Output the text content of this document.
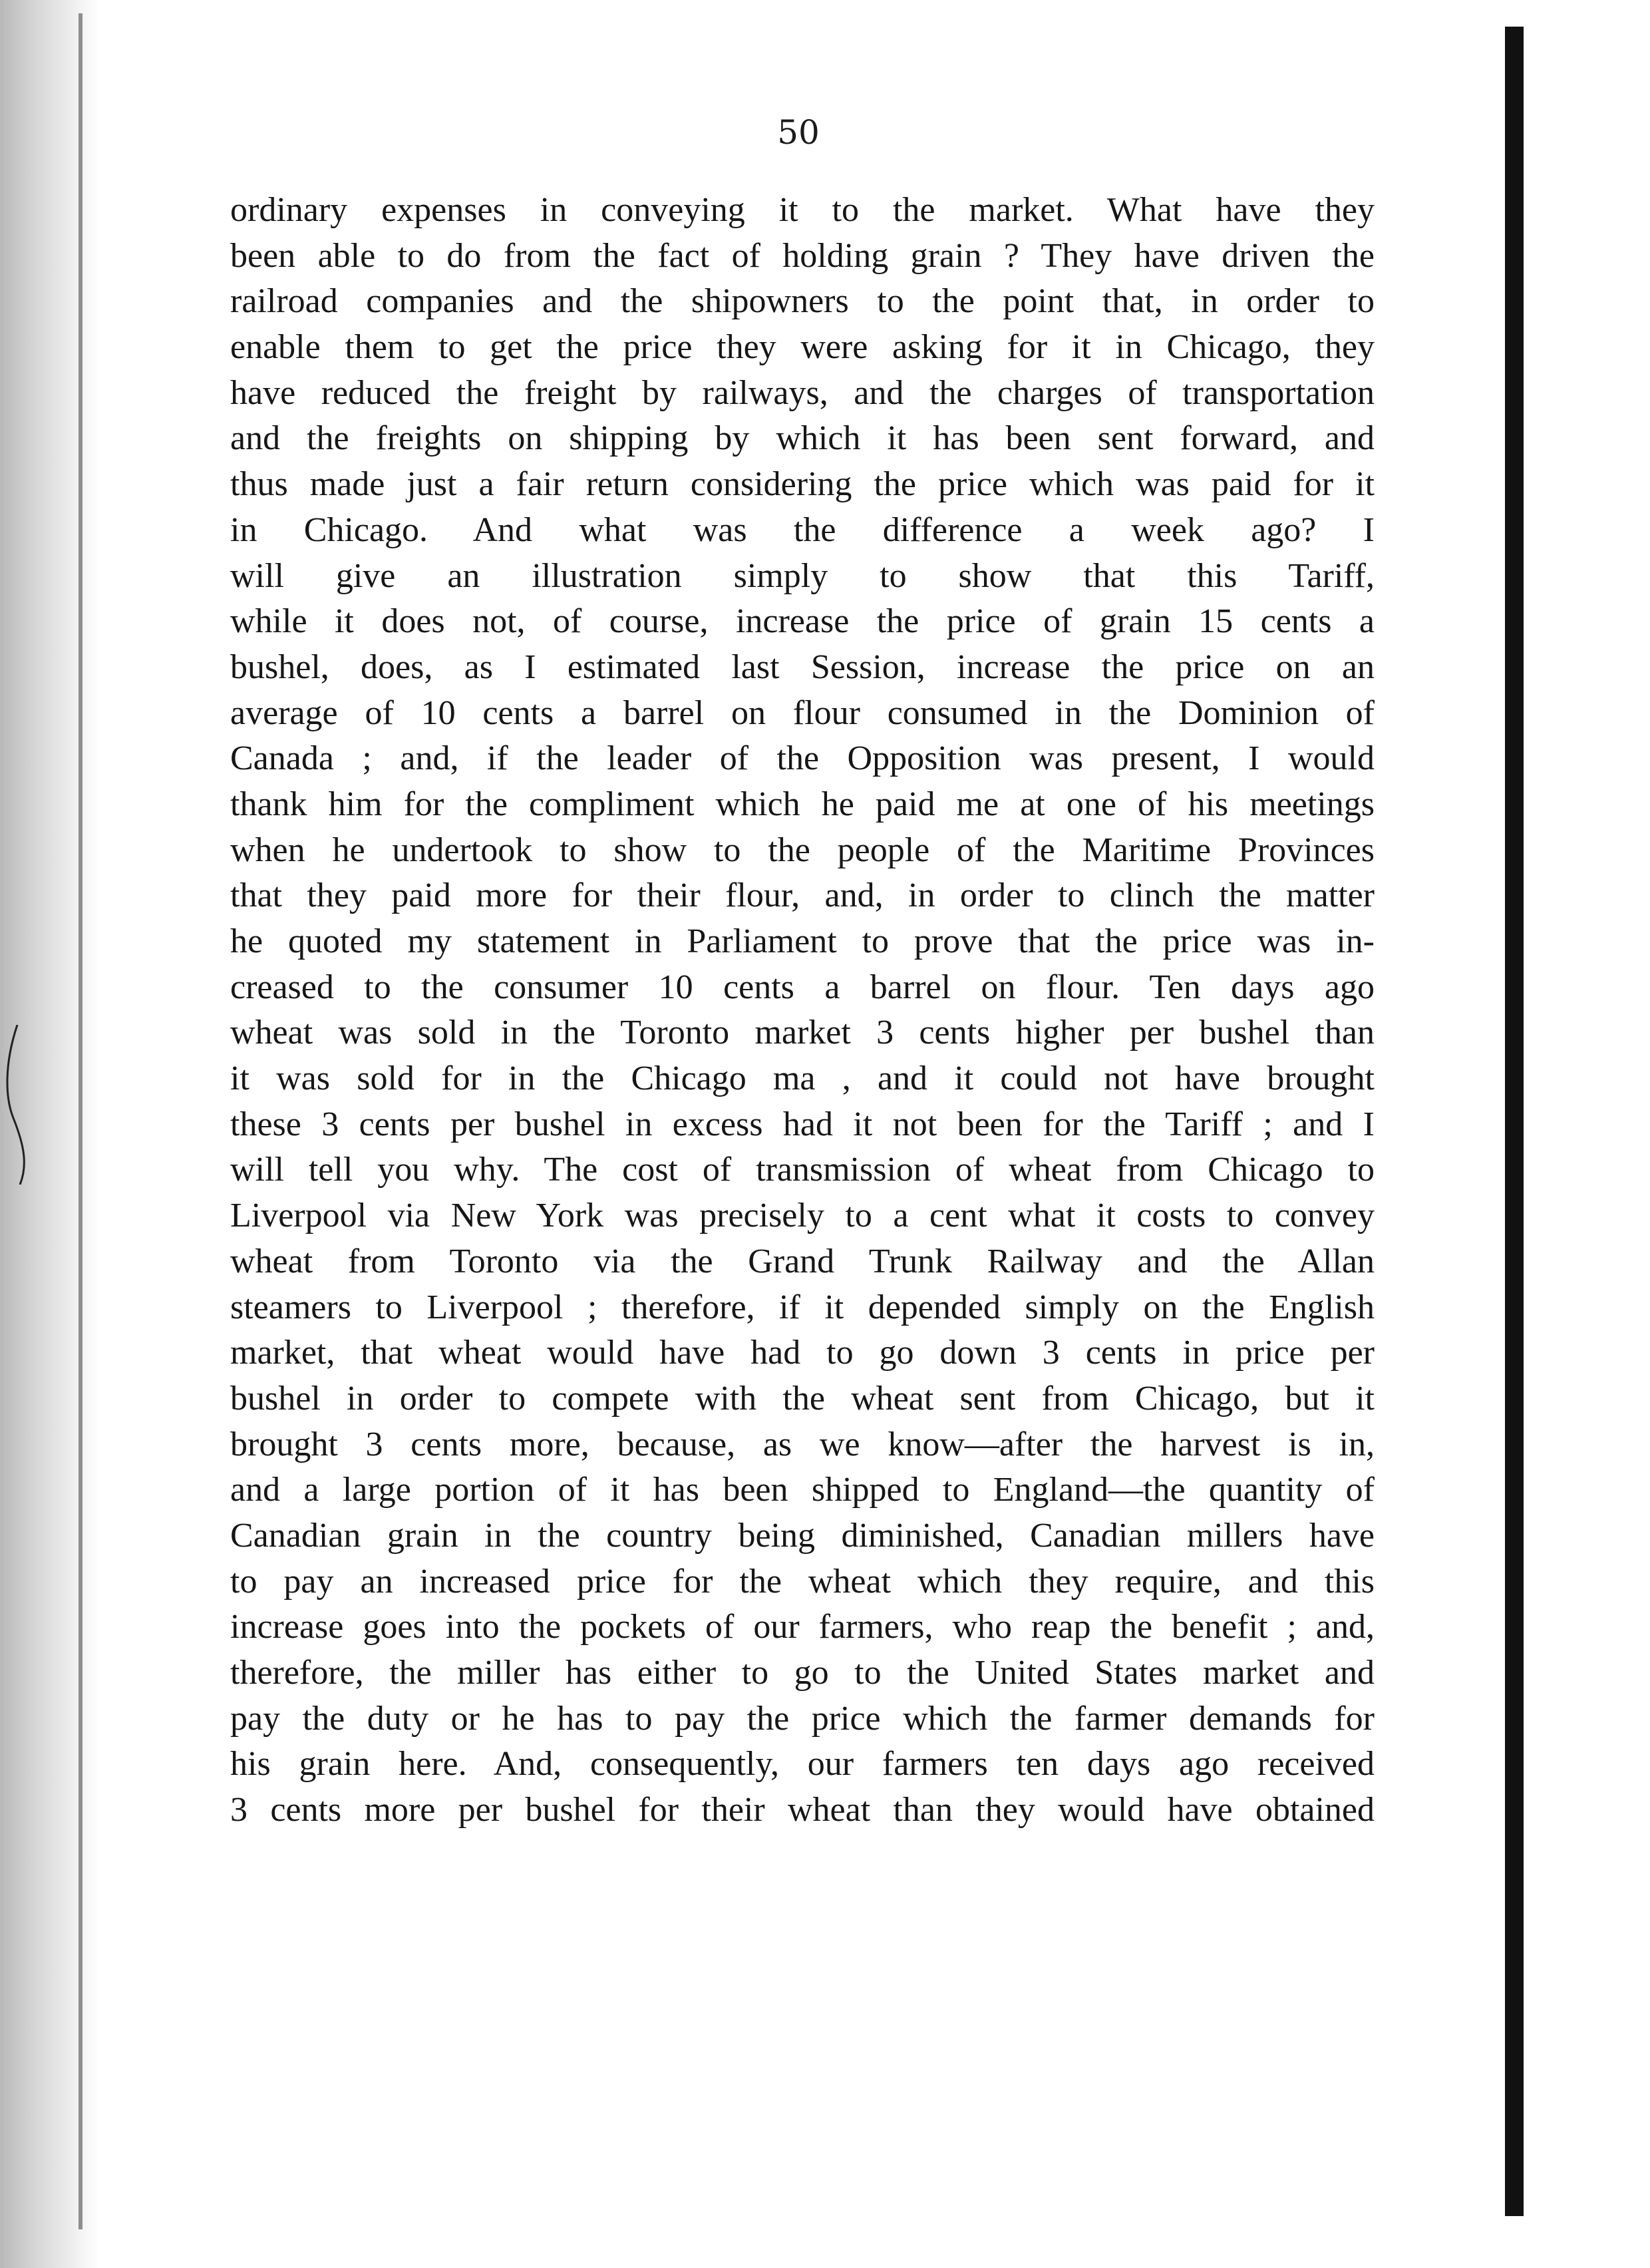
50
ordinary expenses in conveying it to the market. What have they
been able to do from the fact of holding grain ? They have driven the
railroad companies and the shipowners to the point that, in order to
enable them to get the price they were asking for it in Chicago, they
have reduced the freight by railways, and the charges of transportation
and the freights on shipping by which it has been sent forward, and
thus made just a fair return considering the price which was paid for it
in Chicago. And what was the difference a week ago? I
will give an illustration simply to show that this Tariff,
while it does not, of course, increase the price of grain 15 cents a
bushel, does, as I estimated last Session, increase the price on an
average of 10 cents a barrel on flour consumed in the Dominion of
Canada ; and, if the leader of the Opposition was present, I would
thank him for the compliment which he paid me at one of his meetings
when he undertook to show to the people of the Maritime Provinces
that they paid more for their flour, and, in order to clinch the matter
he quoted my statement in Parliament to prove that the price was in-
creased to the consumer 10 cents a barrel on flour. Ten days ago
wheat was sold in the Toronto market 3 cents higher per bushel than
it was sold for in the Chicago ma , and it could not have brought
these 3 cents per bushel in excess had it not been for the Tariff ; and I
will tell you why. The cost of transmission of wheat from Chicago to
Liverpool via New York was precisely to a cent what it costs to convey
wheat from Toronto via the Grand Trunk Railway and the Allan
steamers to Liverpool ; therefore, if it depended simply on the English
market, that wheat would have had to go down 3 cents in price per
bushel in order to compete with the wheat sent from Chicago, but it
brought 3 cents more, because, as we know—after the harvest is in,
and a large portion of it has been shipped to England—the quantity of
Canadian grain in the country being diminished, Canadian millers have
to pay an increased price for the wheat which they require, and this
increase goes into the pockets of our farmers, who reap the benefit ; and,
therefore, the miller has either to go to the United States market and
pay the duty or he has to pay the price which the farmer demands for
his grain here. And, consequently, our farmers ten days ago received
3 cents more per bushel for their wheat than they would have obtained
